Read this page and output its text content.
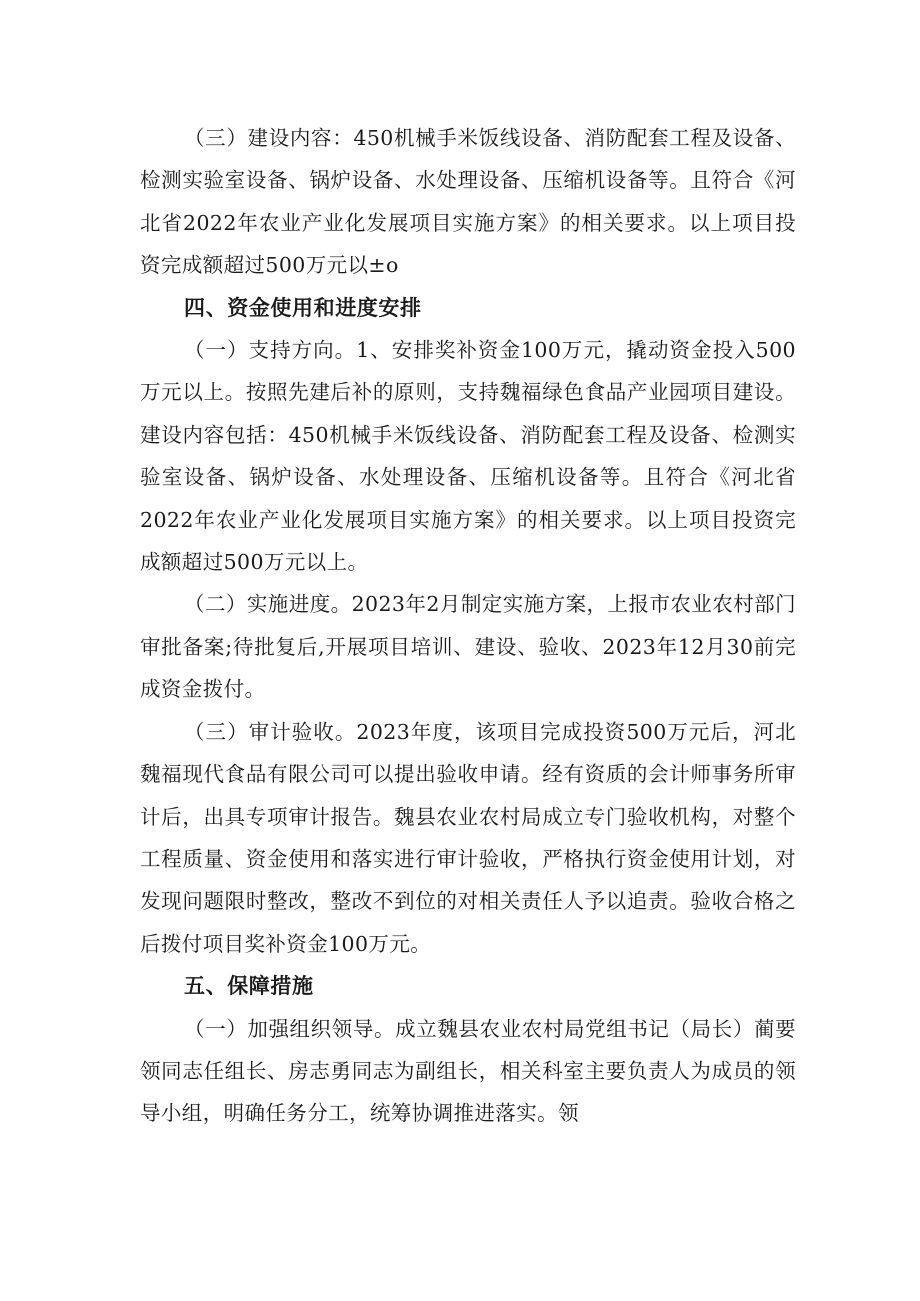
（三）建设内容：450机械手米饭线设备、消防配套工程及设备、检测实验室设备、锅炉设备、水处理设备、压缩机设备等。且符合《河北省2022年农业产业化发展项目实施方案》的相关要求。以上项目投资完成额超过500万元以±o

四、资金使用和进度安排

（一）支持方向。1、安排奖补资金100万元，撬动资金投入500万元以上。按照先建后补的原则，支持魏福绿色食品产业园项目建设。建设内容包括：450机械手米饭线设备、消防配套工程及设备、检测实验室设备、锅炉设备、水处理设备、压缩机设备等。且符合《河北省2022年农业产业化发展项目实施方案》的相关要求。以上项目投资完成额超过500万元以上。

（二）实施进度。2023年2月制定实施方案，上报市农业农村部门审批备案;待批复后,开展项目培训、建设、验收、2023年12月30前完成资金拨付。

（三）审计验收。2023年度，该项目完成投资500万元后，河北魏福现代食品有限公司可以提出验收申请。经有资质的会计师事务所审计后，出具专项审计报告。魏县农业农村局成立专门验收机构，对整个工程质量、资金使用和落实进行审计验收，严格执行资金使用计划，对发现问题限时整改，整改不到位的对相关责任人予以追责。验收合格之后拨付项目奖补资金100万元。

五、保障措施

（一）加强组织领导。成立魏县农业农村局党组书记（局长）蔺要领同志任组长、房志勇同志为副组长，相关科室主要负责人为成员的领导小组，明确任务分工，统筹协调推进落实。领
